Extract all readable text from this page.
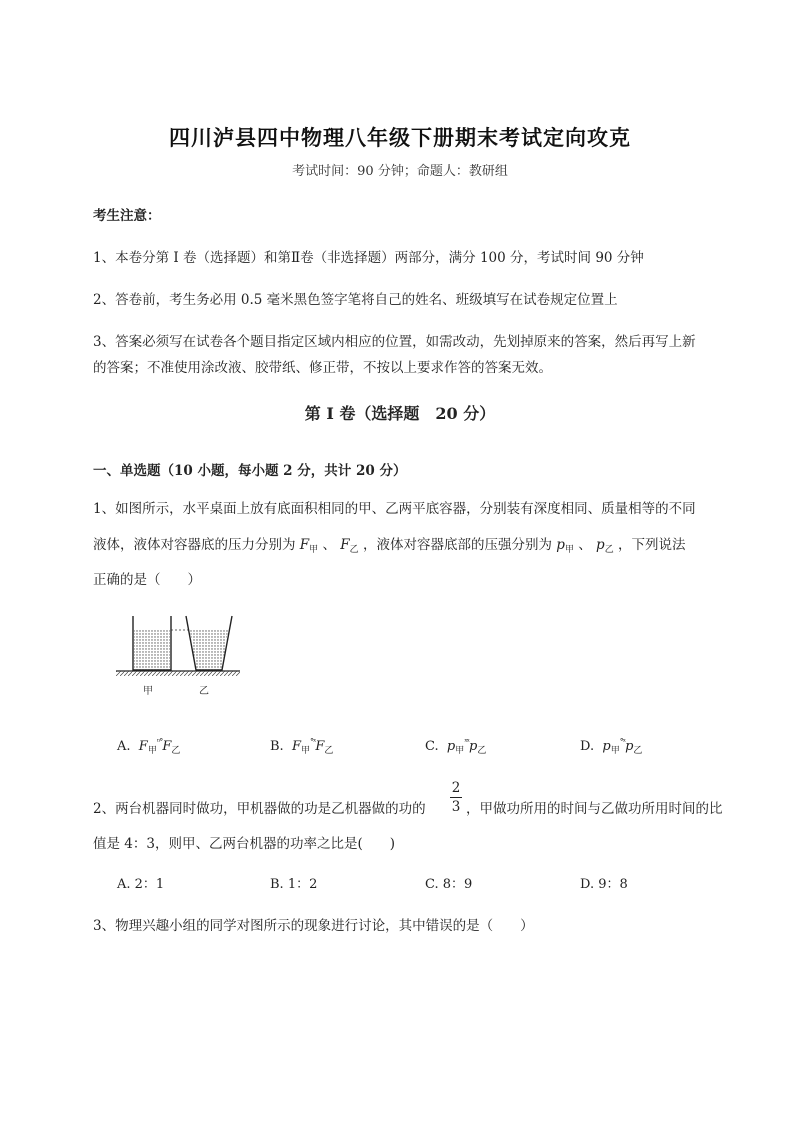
四川泸县四中物理八年级下册期末考试定向攻克
考试时间：90 分钟；命题人：教研组
考生注意：
1、本卷分第 I 卷（选择题）和第Ⅱ卷（非选择题）两部分，满分 100 分，考试时间 90 分钟
2、答卷前，考生务必用 0.5 毫米黑色签字笔将自己的姓名、班级填写在试卷规定位置上
3、答案必须写在试卷各个题目指定区域内相应的位置，如需改动，先划掉原来的答案，然后再写上新
的答案；不准使用涂改液、胶带纸、修正带，不按以上要求作答的答案无效。
第 I 卷（选择题　20 分）
一、单选题（10 小题，每小题 2 分，共计 20 分）
1、如图所示，水平桌面上放有底面积相同的甲、乙两平底容器，分别装有深度相同、质量相等的不同
液体，液体对容器底的压力分别为 $F_甲$ 、 $F_乙$ ，液体对容器底部的压强分别为 $p_甲$ 、 $p_乙$ ，下列说法
正确的是（　　）
甲	乙
A. $F_甲^{^n^\circ}F_乙$	B. $F_甲^{^\circ ˣ}F_乙$	C. $p_甲^{ˣˣ}p_乙$	D. $p_甲^{^\circ ˣ}p_乙$
2、两台机器同时做功，甲机器做的功是乙机器做的功的
2
3 ，甲做功所用的时间与乙做功所用时间的比
值是 4：3，则甲、乙两台机器的功率之比是(　　)
A. 2：1	B. 1：2	C. 8：9	D. 9：8
3、物理兴趣小组的同学对图所示的现象进行讨论，其中错误的是（　　）
